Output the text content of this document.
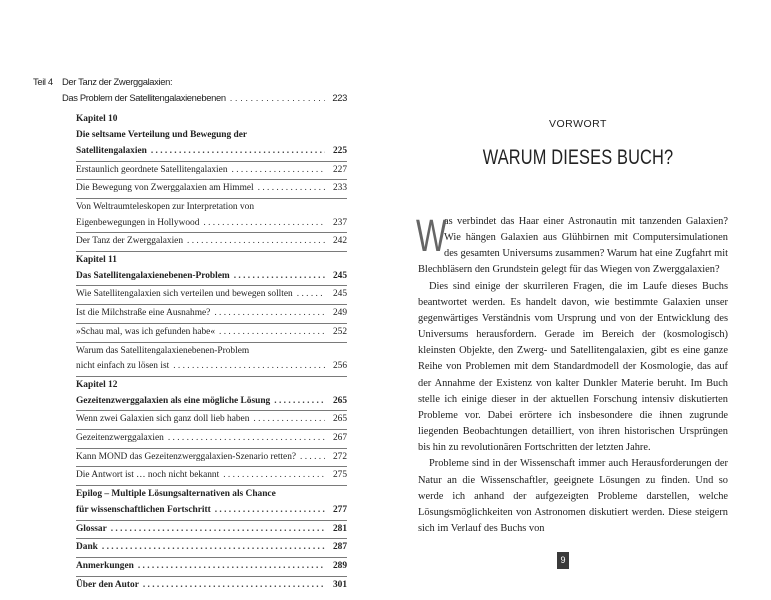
Teil 4 Der Tanz der Zwerggalaxien:
Das Problem der Satellitengalaxienebenen . . .	223
Kapitel 10
Die seltsame Verteilung und Bewegung der
Satellitengalaxien . . .	225
Erstaunlich geordnete Satellitengalaxien . . .	227
Die Bewegung von Zwerggalaxien am Himmel . . .	233
Von Weltraumteleskopen zur Interpretation von
Eigenbewegungen in Hollywood . . .	237
Der Tanz der Zwerggalaxien . . .	242
Kapitel 11
Das Satellitengalaxienebenen-Problem . . .	245
Wie Satellitengalaxien sich verteilen und bewegen sollten . . .	245
Ist die Milchstraße eine Ausnahme? . . .	249
»Schau mal, was ich gefunden habe« . . .	252
Warum das Satellitengalaxienebenen-Problem
nicht einfach zu lösen ist . . .	256
Kapitel 12
Gezeitenzwerggalaxien als eine mögliche Lösung . . .	265
Wenn zwei Galaxien sich ganz doll lieb haben . . .	265
Gezeitenzwerggalaxien . . .	267
Kann MOND das Gezeitenzwerggalaxien-Szenario retten? . . .	272
Die Antwort ist … noch nicht bekannt . . .	275
Epilog – Multiple Lösungsalternativen als Chance
für wissenschaftlichen Fortschritt . . .	277
Glossar . . .	281
Dank . . .	287
Anmerkungen . . .	289
Über den Autor . . .	301
VORWORT
WARUM DIESES BUCH?

W
as verbindet das Haar einer Astronautin mit tanzenden Galaxien? Wie hängen Galaxien aus Glühbirnen mit Computersimulationen des gesamten Universums zusammen? Warum hat eine Zugfahrt mit Blechbläsern den Grundstein gelegt für das Wiegen von Zwerggalaxien?

Dies sind einige der skurrileren Fragen, die im Laufe dieses Buchs beantwortet werden. Es handelt davon, wie bestimmte Galaxien unser gegenwärtiges Verständnis vom Ursprung und von der Entwicklung des Universums herausfordern. Gerade im Bereich der (kosmologisch) kleinsten Objekte, den Zwerg- und Satellitengalaxien, gibt es eine ganze Reihe von Problemen mit dem Standardmodell der Kosmologie, das auf der Annahme der Existenz von kalter Dunkler Materie beruht. Im Buch stelle ich einige dieser in der aktuellen Forschung intensiv diskutierten Probleme vor. Dabei erörtere ich insbesondere die ihnen zugrunde liegenden Beobachtungen detailliert, von ihren historischen Ursprüngen bis hin zu revolutionären Fortschritten der letzten Jahre.

Probleme sind in der Wissenschaft immer auch Herausforderungen der Natur an die Wissenschaftler, geeignete Lösungen zu finden. Und so werde ich anhand der aufgezeigten Probleme darstellen, welche Lösungsmöglichkeiten von Astronomen diskutiert werden. Diese steigern sich im Verlauf des Buchs von

9
